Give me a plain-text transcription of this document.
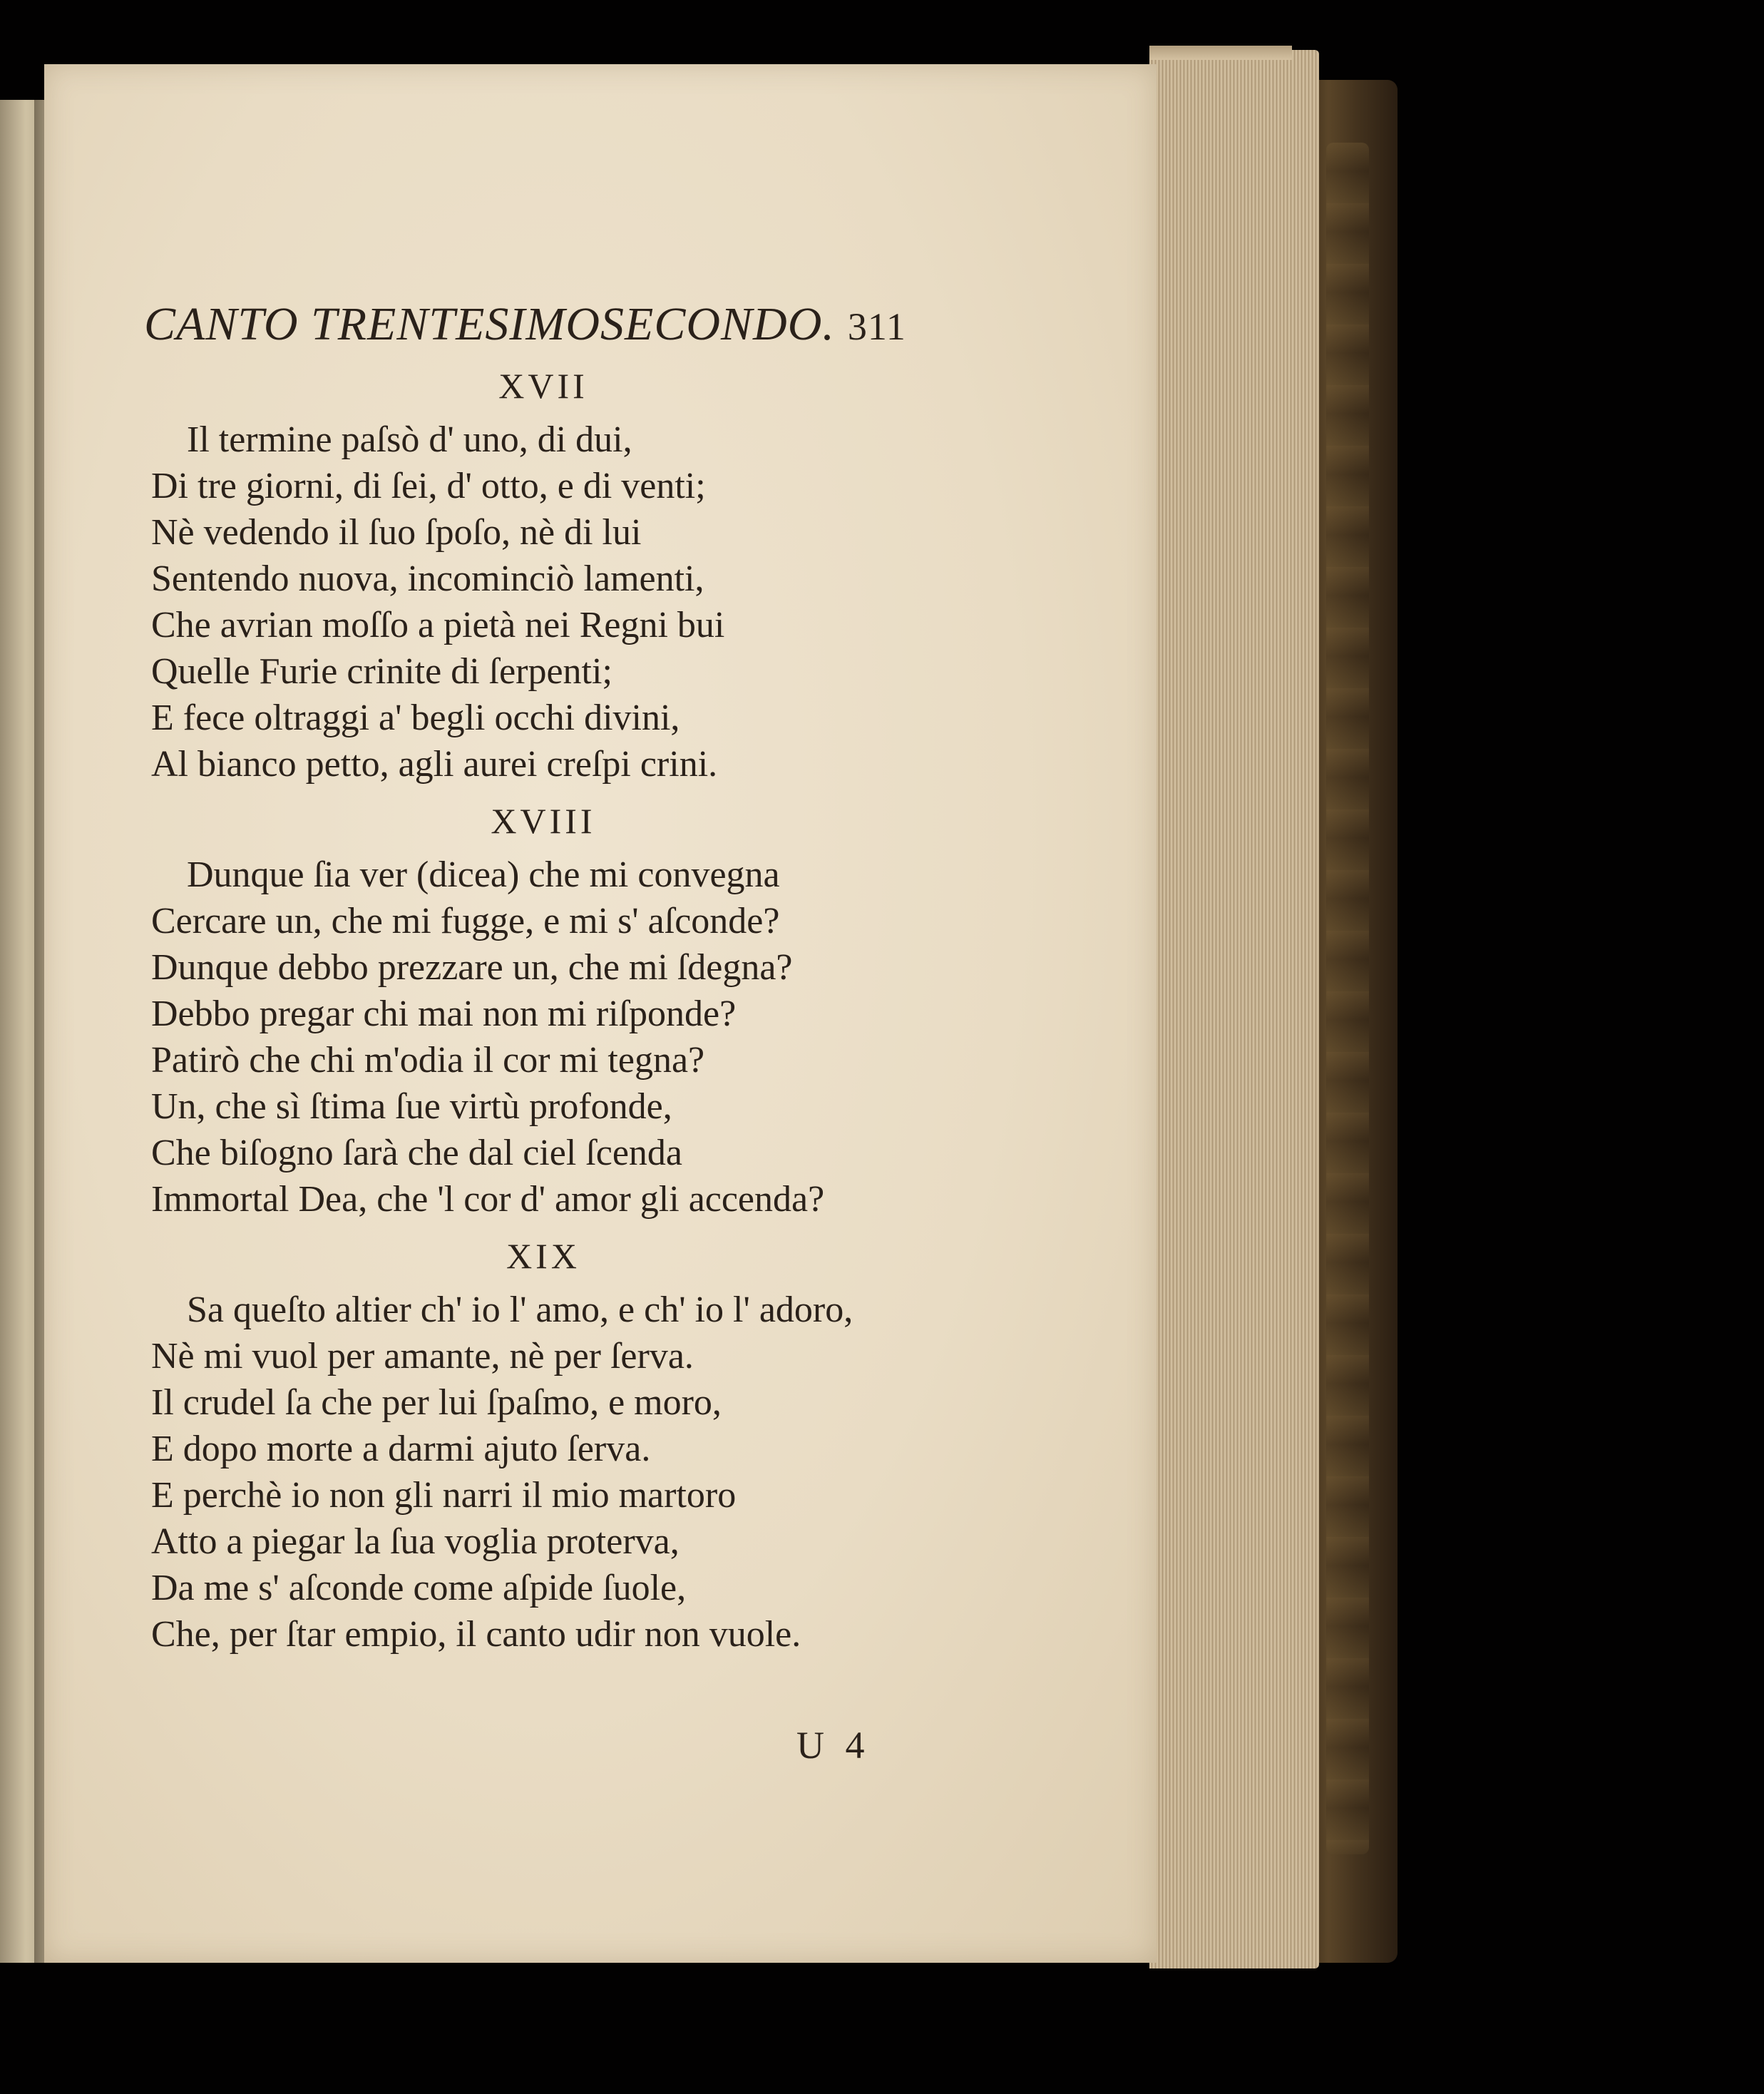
CANTO TRENTESIMOSECONDO. 311
XVII
Il termine paſsò d' uno, di dui,
Di tre giorni, di ſei, d' otto, e di venti;
Nè vedendo il ſuo ſpoſo, nè di lui
Sentendo nuova, incominciò lamenti,
Che avrian moſſo a pietà nei Regni bui
Quelle Furie crinite di ſerpenti;
E fece oltraggi a' begli occhi divini,
Al bianco petto, agli aurei creſpi crini.
XVIII
Dunque ſia ver (dicea) che mi convegna
Cercare un, che mi fugge, e mi s' aſconde?
Dunque debbo prezzare un, che mi ſdegna?
Debbo pregar chi mai non mi riſponde?
Patirò che chi m'odia il cor mi tegna?
Un, che sì ſtima ſue virtù profonde,
Che biſogno ſarà che dal ciel ſcenda
Immortal Dea, che 'l cor d' amor gli accenda?
XIX
Sa queſto altier ch' io l' amo, e ch' io l' adoro,
Nè mi vuol per amante, nè per ſerva.
Il crudel ſa che per lui ſpaſmo, e moro,
E dopo morte a darmi ajuto ſerva.
E perchè io non gli narri il mio martoro
Atto a piegar la ſua voglia proterva,
Da me s' aſconde come aſpide ſuole,
Che, per ſtar empio, il canto udir non vuole.
U 4
